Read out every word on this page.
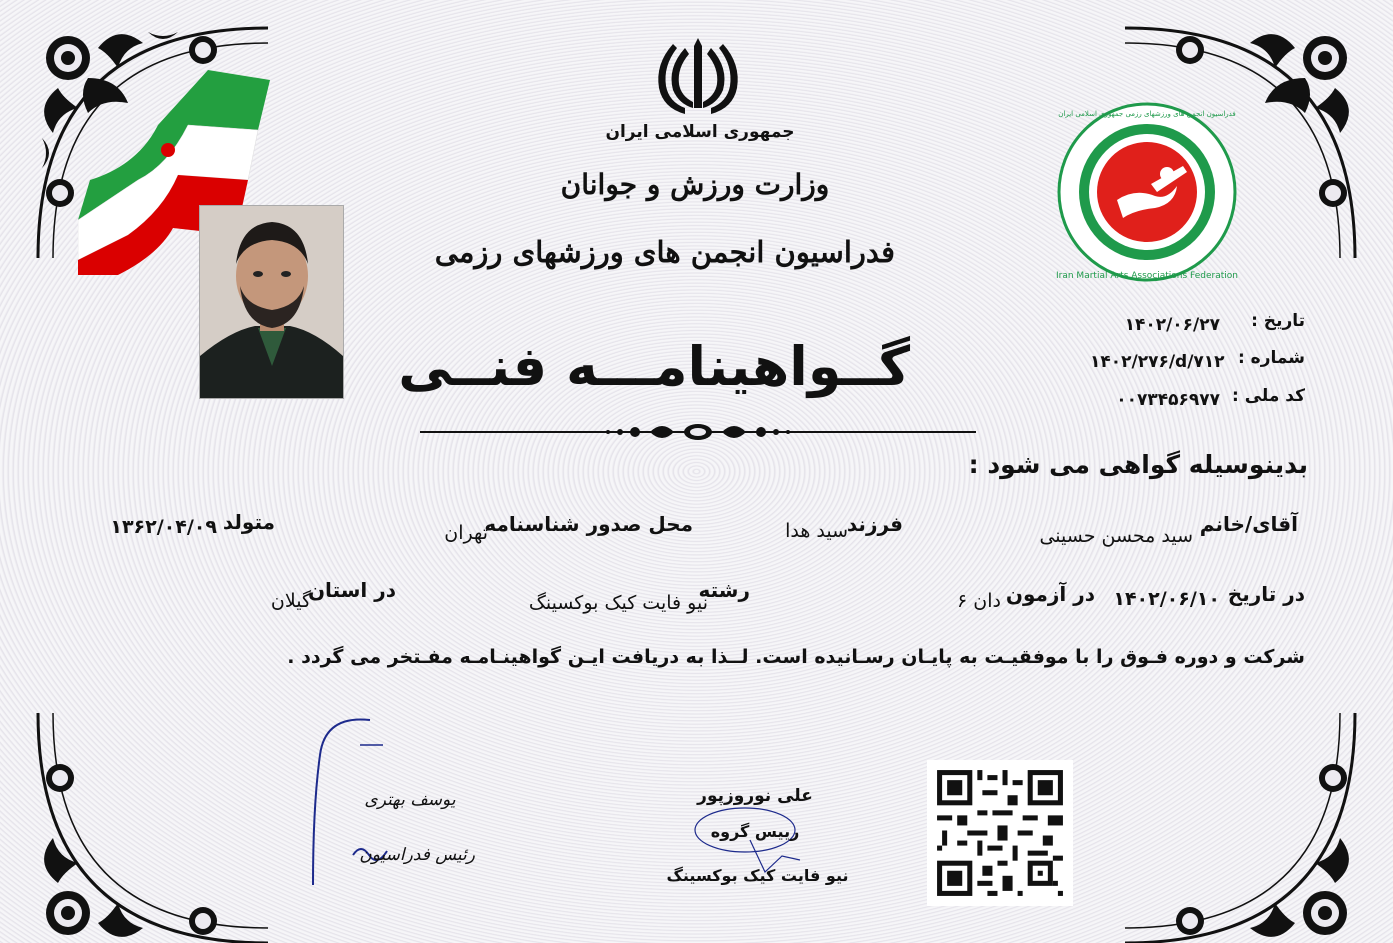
جمهوری اسلامی ایران
وزارت ورزش و جوانان
فدراسیون انجمن های ورزشهای رزمی
گــواهینامـــه فنــی
Iran Martial Arts Associations Federation
فدراسیون انجمن های ورزشهای رزمی جمهوری اسلامی ایران
تاریخ :
۱۴۰۲/۰۶/۲۷
شماره :
۱۴۰۲/۲۷۶/d/۷۱۲
کد ملی :
۰۰۷۳۴۵۶۹۷۷
بدینوسیله گواهی می شود :
آقای/خانم
سید محسن حسینی
فرزند
سید هدا
محل صدور شناسنامه
تهران
متولد
۱۳۶۲/۰۴/۰۹
در تاریخ
۱۴۰۲/۰۶/۱۰
در آزمون
دان ۶
رشته
نیو فایت کیک بوکسینگ
در استان
گیلان
شرکت و دوره فـوق را با موفقیـت به پایـان رسـانیده است. لــذا به دریافت ایـن گواهینـامـه مفـتخر می گردد .
یوسف بهتری
رئیس فدراسیون
علی نوروزپور
رییس گروه
نیو فایت کیک بوکسینگ
